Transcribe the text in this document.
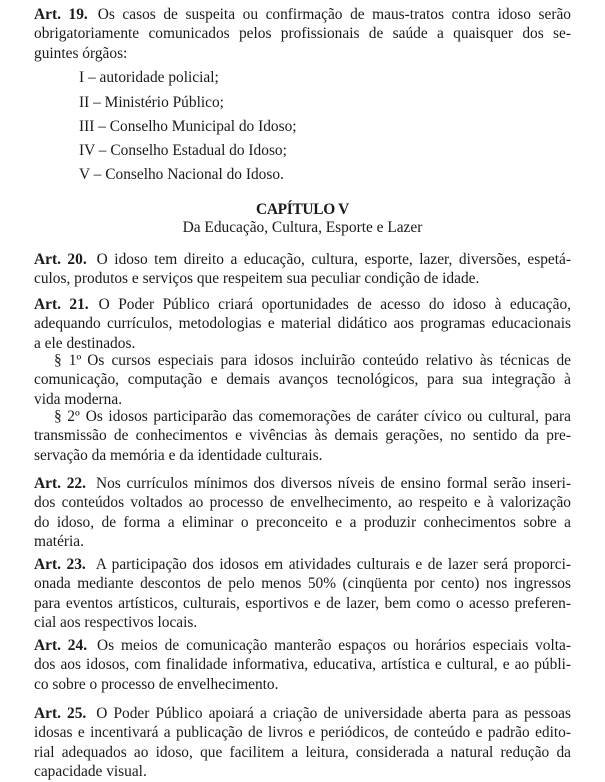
Art. 19. Os casos de suspeita ou confirmação de maus-tratos contra idoso serão
obrigatoriamente comunicados pelos profissionais de saúde a quaisquer dos se-
guintes órgãos:
I – autoridade policial;
II – Ministério Público;
III – Conselho Municipal do Idoso;
IV – Conselho Estadual do Idoso;
V – Conselho Nacional do Idoso.
CAPÍTULO V
Da Educação, Cultura, Esporte e Lazer
Art. 20. O idoso tem direito a educação, cultura, esporte, lazer, diversões, espetá-
culos, produtos e serviços que respeitem sua peculiar condição de idade.
Art. 21. O Poder Público criará oportunidades de acesso do idoso à educação,
adequando currículos, metodologias e material didático aos programas educacionais
a ele destinados.
§ 1º Os cursos especiais para idosos incluirão conteúdo relativo às técnicas de
comunicação, computação e demais avanços tecnológicos, para sua integração à
vida moderna.
§ 2º Os idosos participarão das comemorações de caráter cívico ou cultural, para
transmissão de conhecimentos e vivências às demais gerações, no sentido da pre-
servação da memória e da identidade culturais.
Art. 22. Nos currículos mínimos dos diversos níveis de ensino formal serão inseri-
dos conteúdos voltados ao processo de envelhecimento, ao respeito e à valorização
do idoso, de forma a eliminar o preconceito e a produzir conhecimentos sobre a
matéria.
Art. 23. A participação dos idosos em atividades culturais e de lazer será proporci-
onada mediante descontos de pelo menos 50% (cinqüenta por cento) nos ingressos
para eventos artísticos, culturais, esportivos e de lazer, bem como o acesso preferen-
cial aos respectivos locais.
Art. 24. Os meios de comunicação manterão espaços ou horários especiais volta-
dos aos idosos, com finalidade informativa, educativa, artística e cultural, e ao públi-
co sobre o processo de envelhecimento.
Art. 25. O Poder Público apoiará a criação de universidade aberta para as pessoas
idosas e incentivará a publicação de livros e periódicos, de conteúdo e padrão edito-
rial adequados ao idoso, que facilitem a leitura, considerada a natural redução da
capacidade visual.
